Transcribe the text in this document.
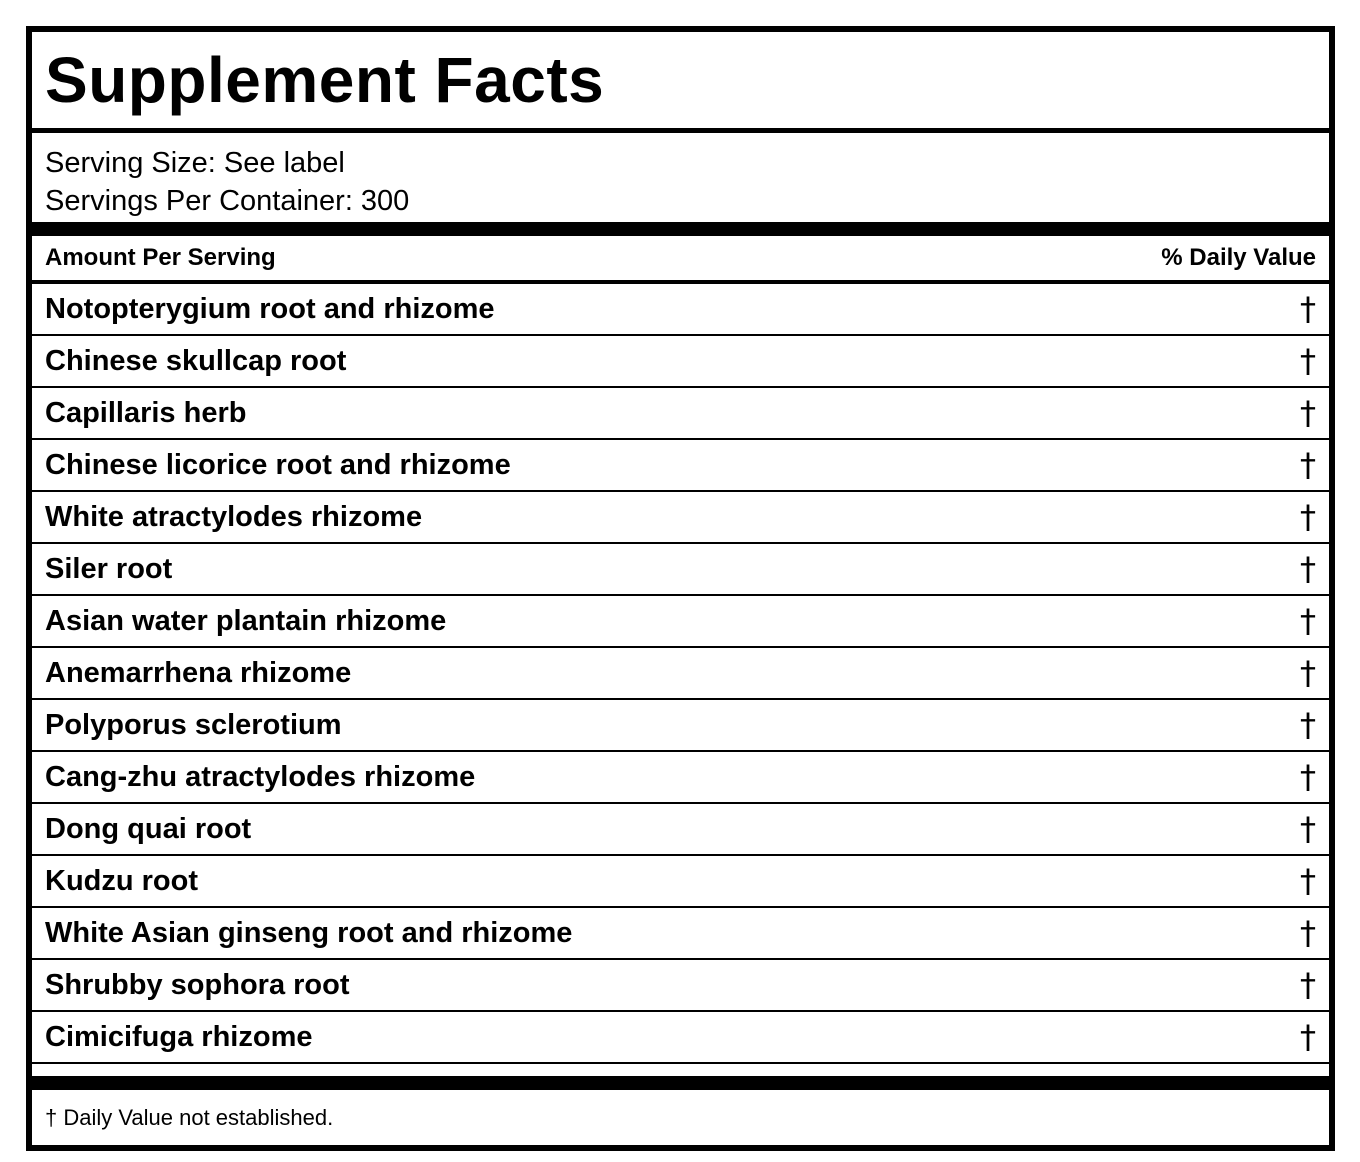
Supplement Facts
Serving Size: See label
Servings Per Container: 300
Amount Per Serving	% Daily Value
Notopterygium root and rhizome	†
Chinese skullcap root	†
Capillaris herb	†
Chinese licorice root and rhizome	†
White atractylodes rhizome	†
Siler root	†
Asian water plantain rhizome	†
Anemarrhena rhizome	†
Polyporus sclerotium	†
Cang-zhu atractylodes rhizome	†
Dong quai root	†
Kudzu root	†
White Asian ginseng root and rhizome	†
Shrubby sophora root	†
Cimicifuga rhizome	†
† Daily Value not established.
